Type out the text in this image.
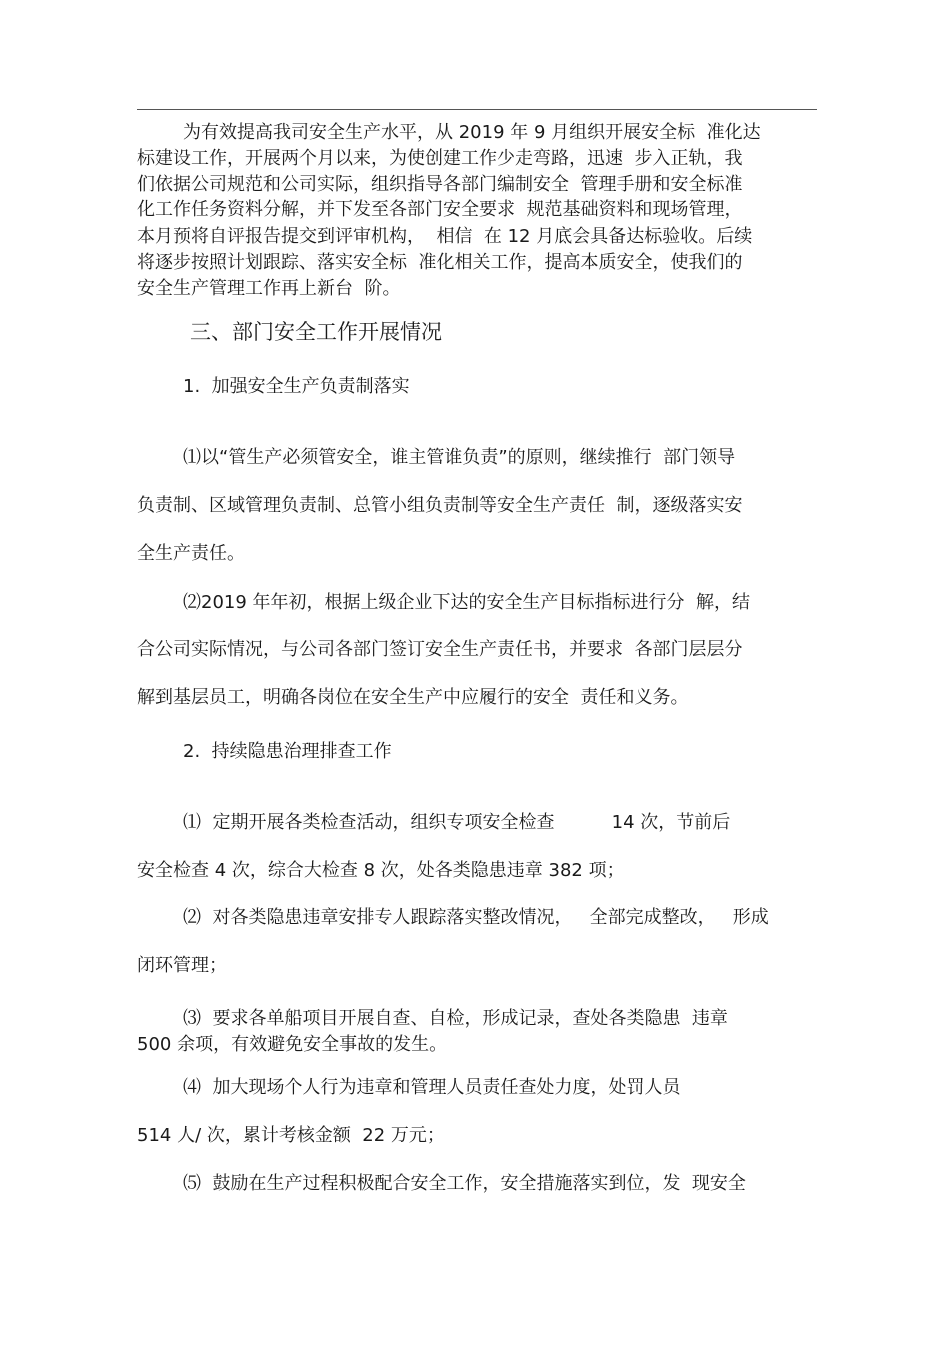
为有效提高我司安全生产水平，从 2019 年 9 月组织开展安全标  准化达
标建设工作，开展两个月以来，为使创建工作少走弯路，迅速  步入正轨，我
们依据公司规范和公司实际，组织指导各部门编制安全  管理手册和安全标准
化工作任务资料分解，并下发至各部门安全要求  规范基础资料和现场管理，
本月预将自评报告提交到评审机构，  相信  在 12 月底会具备达标验收。后续
将逐步按照计划跟踪、落实安全标  准化相关工作，提高本质安全，使我们的
安全生产管理工作再上新台  阶。
三、部门安全工作开展情况
1.  加强安全生产负责制落实
⑴以“管生产必须管安全，谁主管谁负责”的原则，继续推行  部门领导
负责制、区域管理负责制、总管小组负责制等安全生产责任  制，逐级落实安
全生产责任。
⑵2019 年年初，根据上级企业下达的安全生产目标指标进行分  解，结
合公司实际情况，与公司各部门签订安全生产责任书，并要求  各部门层层分
解到基层员工，明确各岗位在安全生产中应履行的安全  责任和义务。
2.  持续隐患治理排查工作
⑴  定期开展各类检查活动，组织专项安全检查          14 次，节前后
安全检查 4 次，综合大检查 8 次，处各类隐患违章 382 项；
⑵  对各类隐患违章安排专人跟踪落实整改情况，   全部完成整改，   形成
闭环管理；
⑶  要求各单船项目开展自查、自检，形成记录，查处各类隐患  违章
500 余项，有效避免安全事故的发生。
⑷  加大现场个人行为违章和管理人员责任查处力度，处罚人员
514 人/ 次，累计考核金额  22 万元；
⑸  鼓励在生产过程积极配合安全工作，安全措施落实到位，发  现安全
